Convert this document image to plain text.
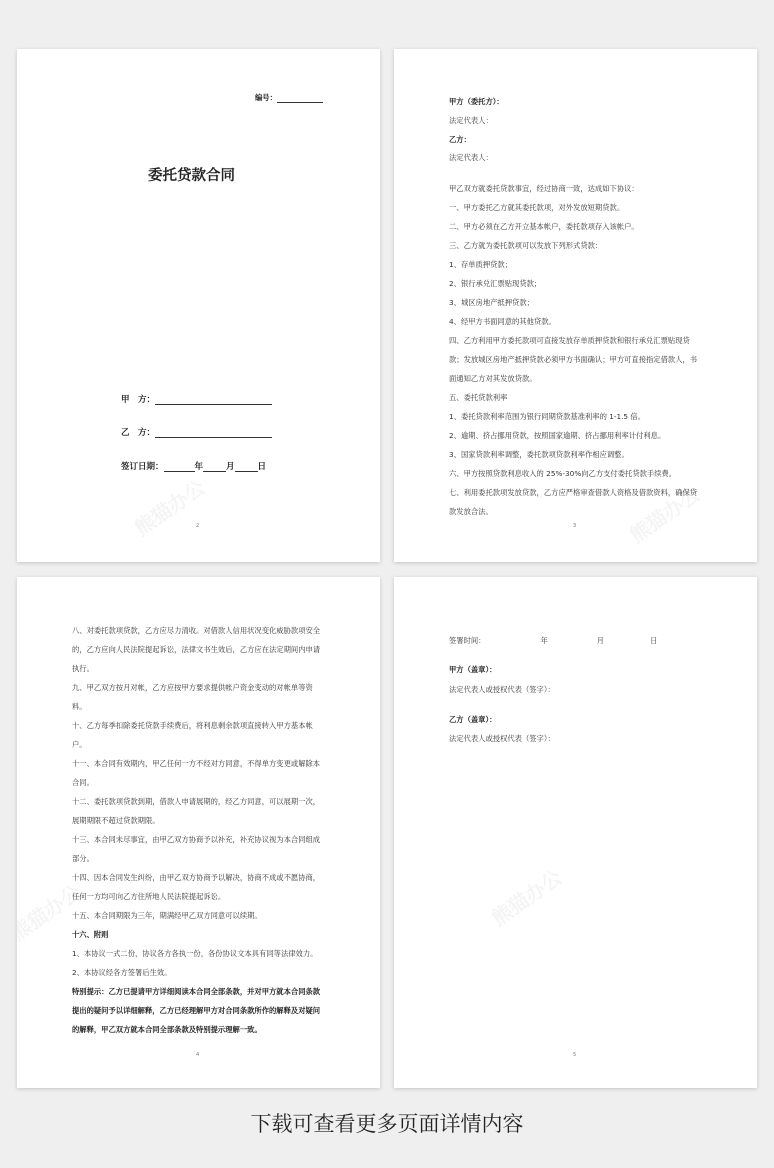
编号：
委托贷款合同
甲　方：
乙　方：
签订日期：	年	月	日
2
甲方（委托方）：
法定代表人：
乙方：
法定代表人：
甲乙双方就委托贷款事宜，经过协商一致，达成如下协议：
一、甲方委托乙方就其委托款项，对外发放短期贷款。
二、甲方必须在乙方开立基本帐户，委托款项存入该帐户。
三、乙方就为委托款项可以发放下列形式贷款：
1、存单质押贷款；
2、银行承兑汇票贴现贷款；
3、城区房地产抵押贷款；
4、经甲方书面同意的其他贷款。
四、乙方利用甲方委托款项可直接发放存单质押贷款和银行承兑汇票贴现贷
款；发放城区房地产抵押贷款必须甲方书面确认；甲方可直接指定借款人，书
面通知乙方对其发放贷款。
五、委托贷款利率
1、委托贷款利率范围为银行同期贷款基准利率的 1-1.5 倍。
2、逾期、挤占挪用贷款，按照国家逾期、挤占挪用利率计付利息。
3、国家贷款利率调整，委托款项贷款利率作相应调整。
六、甲方按照贷款利息收入的 25%-30%向乙方支付委托贷款手续费。
七、利用委托款项发放贷款，乙方应严格审查借款人资格及借款资料，确保贷
款发放合法。
3
八、对委托款项贷款，乙方应尽力清收。对借款人信用状况变化威胁款项安全
的，乙方应向人民法院提起诉讼，法律文书生效后，乙方应在法定期间内申请
执行。
九、甲乙双方按月对帐，乙方应按甲方要求提供帐户资金变动的对帐单等资
料。
十、乙方每季扣除委托贷款手续费后，将利息剩余款项直接转入甲方基本帐
户。
十一、本合同有效期内，甲乙任何一方不经对方同意，不得单方变更或解除本
合同。
十二、委托款项贷款到期，借款人申请展期的，经乙方同意，可以展期一次，
展期期限不超过贷款期限。
十三、本合同未尽事宜，由甲乙双方协商予以补充，补充协议视为本合同组成
部分。
十四、因本合同发生纠纷，由甲乙双方协商予以解决，协商不成或不愿协商，
任何一方均可向乙方住所地人民法院提起诉讼。
十五、本合同期限为三年，期满经甲乙双方同意可以续期。
十六、附则
1、本协议一式二份，协议各方各执一份，各份协议文本具有同等法律效力。
2、本协议经各方签署后生效。
特别提示：乙方已提请甲方详细阅读本合同全部条款，并对甲方就本合同条款
提出的疑问予以详细解释，乙方已经理解甲方对合同条款所作的解释及对疑问
的解释，甲乙双方就本合同全部条款及特别提示理解一致。
4
签署时间：	年	月	日
甲方（盖章）：
法定代表人或授权代表（签字）：
乙方（盖章）：
法定代表人或授权代表（签字）：
5
下载可查看更多页面详情内容
